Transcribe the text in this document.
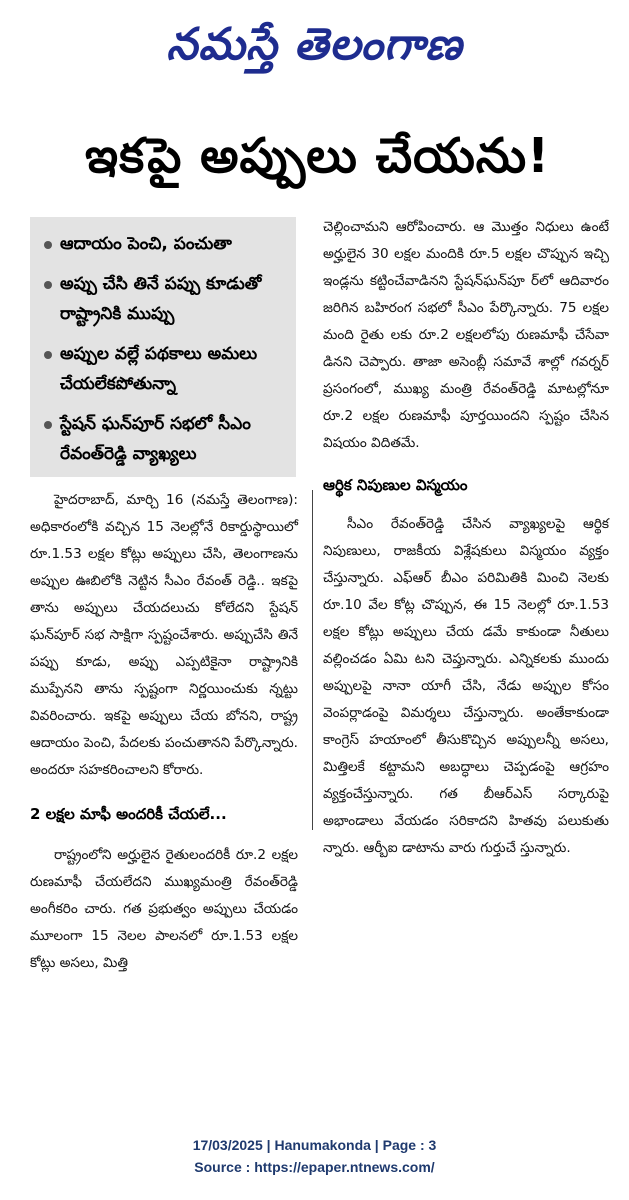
నమస్తే తెలంగాణ
ఇకపై అప్పులు చేయను!
ఆదాయం పెంచి, పంచుతా
అప్పు చేసి తినే పప్పు కూడుతో రాష్ట్రానికి ముప్పు
అప్పుల వల్లే పథకాలు అమలు చేయలేకపోతున్నా
స్టేషన్ ఘన్‌పూర్ సభలో సీఎం రేవంత్‌రెడ్డి వ్యాఖ్యలు

హైదరాబాద్, మార్చి 16 (నమస్తే తెలంగాణ): అధికారంలోకి వచ్చిన 15 నెలల్లోనే రికార్డుస్థాయిలో రూ.1.53 లక్షల కోట్లు అప్పులు చేసి, తెలంగాణను అప్పుల ఊబిలోకి నెట్టిన సీఎం రేవంత్ రెడ్డి.. ఇకపై తాను అప్పులు చేయదలుచు కోలేదని స్టేషన్ ఘన్‌పూర్ సభ సాక్షిగా స్పష్టంచేశారు. అప్పుచేసి తినే పప్పు కూడు, అప్పు ఎప్పటికైనా రాష్ట్రానికి ముప్పేనని తాను స్పష్టంగా నిర్ణయించుకు న్నట్టు వివరించారు. ఇకపై అప్పులు చేయ బోనని, రాష్ట్ర ఆదాయం పెంచి, పేదలకు పంచుతానని పేర్కొన్నారు. అందరూ సహకరించాలని కోరారు.

2 లక్షల మాఫీ అందరికీ చేయలే...

రాష్ట్రంలోని అర్హులైన రైతులందరికీ రూ.2 లక్షల రుణమాఫీ చేయలేదని ముఖ్యమంత్రి రేవంత్‌రెడ్డి అంగీకరిం చారు. గత ప్రభుత్వం అప్పులు చేయడం మూలంగా 15 నెలల పాలనలో రూ.1.53 లక్షల కోట్లు అసలు, మిత్తి

చెల్లించామని ఆరోపించారు. ఆ మొత్తం నిధులు ఉంటే అర్హులైన 30 లక్షల మందికి రూ.5 లక్షల చొప్పున ఇచ్చి ఇండ్లను కట్టించేవాడినని స్టేషన్‌ఘన్‌పూ ర్‌లో ఆదివారం జరిగిన బహిరంగ సభలో సీఎం పేర్కొన్నారు. 75 లక్షల మంది రైతు లకు రూ.2 లక్షలలోపు రుణమాఫీ చేసేవా డినని చెప్పారు. తాజా అసెంబ్లీ సమావే శాల్లో గవర్నర్ ప్రసంగంలో, ముఖ్య మంత్రి రేవంత్‌రెడ్డి మాటల్లోనూ రూ.2 లక్షల రుణమాఫీ పూర్తయిందని స్పష్టం చేసిన విషయం విదితమే.

ఆర్థిక నిపుణుల విస్మయం

సీఎం రేవంత్‌రెడ్డి చేసిన వ్యాఖ్యలపై ఆర్థిక నిపుణులు, రాజకీయ విశ్లేషకులు విస్మయం వ్యక్తం చేస్తున్నారు. ఎఫ్‌ఆర్ బీఎం పరిమితికి మించి నెలకు రూ.10 వేల కోట్ల చొప్పున, ఈ 15 నెలల్లో రూ.1.53 లక్షల కోట్లు అప్పులు చేయ డమే కాకుండా నీతులు వల్లించడం ఏమి టని చెప్తున్నారు. ఎన్నికలకు ముందు అప్పులపై నానా యాగీ చేసి, నేడు అప్పుల కోసం వెంపర్లాడంపై విమర్శలు చేస్తున్నారు. అంతేకాకుండా కాంగ్రెస్ హయాంలో తీసుకొచ్చిన అప్పులన్నీ అసలు, మిత్తిలకే కట్టామని అబద్ధాలు చెప్పడంపై ఆగ్రహం వ్యక్తంచేస్తున్నారు. గత బీఆర్‌ఎస్ సర్కారుపై అభాండాలు వేయడం సరికాదని హితవు పలుకుతు న్నారు. ఆర్బీఐ డాటాను వారు గుర్తుచే స్తున్నారు.

17/03/2025 | Hanumakonda | Page : 3
Source : https://epaper.ntnews.com/
